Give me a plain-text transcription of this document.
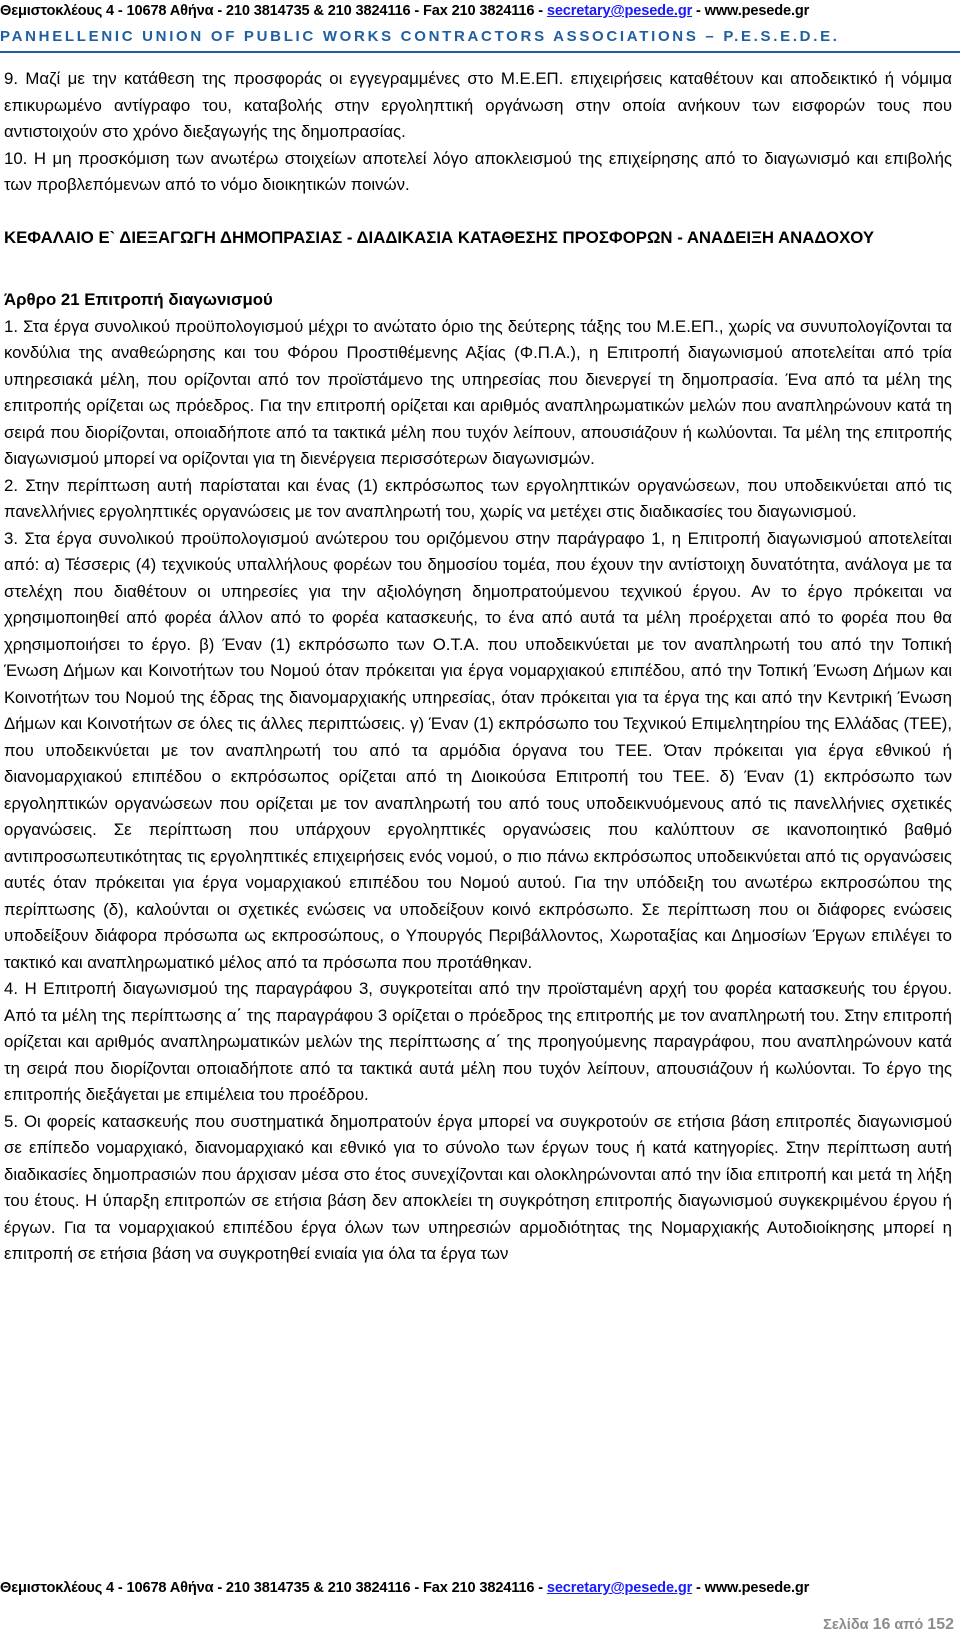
Θεμιστοκλέους 4 - 10678 Αθήνα - 210 3814735 & 210 3824116 - Fax 210 3824116 - secretary@pesede.gr - www.pesede.gr
PANHELLENIC UNION OF PUBLIC WORKS CONTRACTORS ASSOCIATIONS – P.E.S.E.D.E.

9. Μαζί με την κατάθεση της προσφοράς οι εγγεγραμμένες στο Μ.Ε.ΕΠ. επιχειρήσεις καταθέτουν και αποδεικτικό ή νόμιμα επικυρωμένο αντίγραφο του, καταβολής στην εργοληπτική οργάνωση στην οποία ανήκουν των εισφορών τους που αντιστοιχούν στο χρόνο διεξαγωγής της δημοπρασίας.

10. Η μη προσκόμιση των ανωτέρω στοιχείων αποτελεί λόγο αποκλεισμού της επιχείρησης από το διαγωνισμό και επιβολής των προβλεπόμενων από το νόμο διοικητικών ποινών.

ΚΕΦΑΛΑΙΟ Ε` ΔΙΕΞΑΓΩΓΗ ΔΗΜΟΠΡΑΣΙΑΣ - ΔΙΑΔΙΚΑΣΙΑ ΚΑΤΑΘΕΣΗΣ ΠΡΟΣΦΟΡΩΝ - ΑΝΑΔΕΙΞΗ ΑΝΑΔΟΧΟΥ

Άρθρο 21 Επιτροπή διαγωνισμού

1. Στα έργα συνολικού προϋπολογισμού μέχρι το ανώτατο όριο της δεύτερης τάξης του Μ.Ε.ΕΠ., χωρίς να συνυπολογίζονται τα κονδύλια της αναθεώρησης και του Φόρου Προστιθέμενης Αξίας (Φ.Π.Α.), η Επιτροπή διαγωνισμού αποτελείται από τρία υπηρεσιακά μέλη, που ορίζονται από τον προϊστάμενο της υπηρεσίας που διενεργεί τη δημοπρασία. Ένα από τα μέλη της επιτροπής ορίζεται ως πρόεδρος. Για την επιτροπή ορίζεται και αριθμός αναπληρωματικών μελών που αναπληρώνουν κατά τη σειρά που διορίζονται, οποιαδήποτε από τα τακτικά μέλη που τυχόν λείπουν, απουσιάζουν ή κωλύονται. Τα μέλη της επιτροπής διαγωνισμού μπορεί να ορίζονται για τη διενέργεια περισσότερων διαγωνισμών.

2. Στην περίπτωση αυτή παρίσταται και ένας (1) εκπρόσωπος των εργοληπτικών οργανώσεων, που υποδεικνύεται από τις πανελλήνιες εργοληπτικές οργανώσεις με τον αναπληρωτή του, χωρίς να μετέχει στις διαδικασίες του διαγωνισμού.

3. Στα έργα συνολικού προϋπολογισμού ανώτερου του οριζόμενου στην παράγραφο 1, η Επιτροπή διαγωνισμού αποτελείται από: α) Τέσσερις (4) τεχνικούς υπαλλήλους φορέων του δημοσίου τομέα, που έχουν την αντίστοιχη δυνατότητα, ανάλογα με τα στελέχη που διαθέτουν οι υπηρεσίες για την αξιολόγηση δημοπρατούμενου τεχνικού έργου. Αν το έργο πρόκειται να χρησιμοποιηθεί από φορέα άλλον από το φορέα κατασκευής, το ένα από αυτά τα μέλη προέρχεται από το φορέα που θα χρησιμοποιήσει το έργο. β) Έναν (1) εκπρόσωπο των Ο.Τ.Α. που υποδεικνύεται με τον αναπληρωτή του από την Τοπική Ένωση Δήμων και Κοινοτήτων του Νομού όταν πρόκειται για έργα νομαρχιακού επιπέδου, από την Τοπική Ένωση Δήμων και Κοινοτήτων του Νομού της έδρας της διανομαρχιακής υπηρεσίας, όταν πρόκειται για τα έργα της και από την Κεντρική Ένωση Δήμων και Κοινοτήτων σε όλες τις άλλες περιπτώσεις. γ) Έναν (1) εκπρόσωπο του Τεχνικού Επιμελητηρίου της Ελλάδας (ΤΕΕ), που υποδεικνύεται με τον αναπληρωτή του από τα αρμόδια όργανα του ΤΕΕ. Όταν πρόκειται για έργα εθνικού ή διανομαρχιακού επιπέδου ο εκπρόσωπος ορίζεται από τη Διοικούσα Επιτροπή του ΤΕΕ. δ) Έναν (1) εκπρόσωπο των εργοληπτικών οργανώσεων που ορίζεται με τον αναπληρωτή του από τους υποδεικνυόμενους από τις πανελλήνιες σχετικές οργανώσεις. Σε περίπτωση που υπάρχουν εργοληπτικές οργανώσεις που καλύπτουν σε ικανοποιητικό βαθμό αντιπροσωπευτικότητας τις εργοληπτικές επιχειρήσεις ενός νομού, ο πιο πάνω εκπρόσωπος υποδεικνύεται από τις οργανώσεις αυτές όταν πρόκειται για έργα νομαρχιακού επιπέδου του Νομού αυτού. Για την υπόδειξη του ανωτέρω εκπροσώπου της περίπτωσης (δ), καλούνται οι σχετικές ενώσεις να υποδείξουν κοινό εκπρόσωπο. Σε περίπτωση που οι διάφορες ενώσεις υποδείξουν διάφορα πρόσωπα ως εκπροσώπους, ο Υπουργός Περιβάλλοντος, Χωροταξίας και Δημοσίων Έργων επιλέγει το τακτικό και αναπληρωματικό μέλος από τα πρόσωπα που προτάθηκαν.

4. Η Επιτροπή διαγωνισμού της παραγράφου 3, συγκροτείται από την προϊσταμένη αρχή του φορέα κατασκευής του έργου. Από τα μέλη της περίπτωσης α΄ της παραγράφου 3 ορίζεται ο πρόεδρος της επιτροπής με τον αναπληρωτή του. Στην επιτροπή ορίζεται και αριθμός αναπληρωματικών μελών της περίπτωσης α΄ της προηγούμενης παραγράφου, που αναπληρώνουν κατά τη σειρά που διορίζονται οποιαδήποτε από τα τακτικά αυτά μέλη που τυχόν λείπουν, απουσιάζουν ή κωλύονται. Το έργο της επιτροπής διεξάγεται με επιμέλεια του προέδρου.

5. Οι φορείς κατασκευής που συστηματικά δημοπρατούν έργα μπορεί να συγκροτούν σε ετήσια βάση επιτροπές διαγωνισμού σε επίπεδο νομαρχιακό, διανομαρχιακό και εθνικό για το σύνολο των έργων τους ή κατά κατηγορίες. Στην περίπτωση αυτή διαδικασίες δημοπρασιών που άρχισαν μέσα στο έτος συνεχίζονται και ολοκληρώνονται από την ίδια επιτροπή και μετά τη λήξη του έτους. Η ύπαρξη επιτροπών σε ετήσια βάση δεν αποκλείει τη συγκρότηση επιτροπής διαγωνισμού συγκεκριμένου έργου ή έργων. Για τα νομαρχιακού επιπέδου έργα όλων των υπηρεσιών αρμοδιότητας της Νομαρχιακής Αυτοδιοίκησης μπορεί η επιτροπή σε ετήσια βάση να συγκροτηθεί ενιαία για όλα τα έργα των

Θεμιστοκλέους 4 - 10678 Αθήνα - 210 3814735 & 210 3824116 - Fax 210 3824116 - secretary@pesede.gr - www.pesede.gr
Σελίδα 16 από 152
